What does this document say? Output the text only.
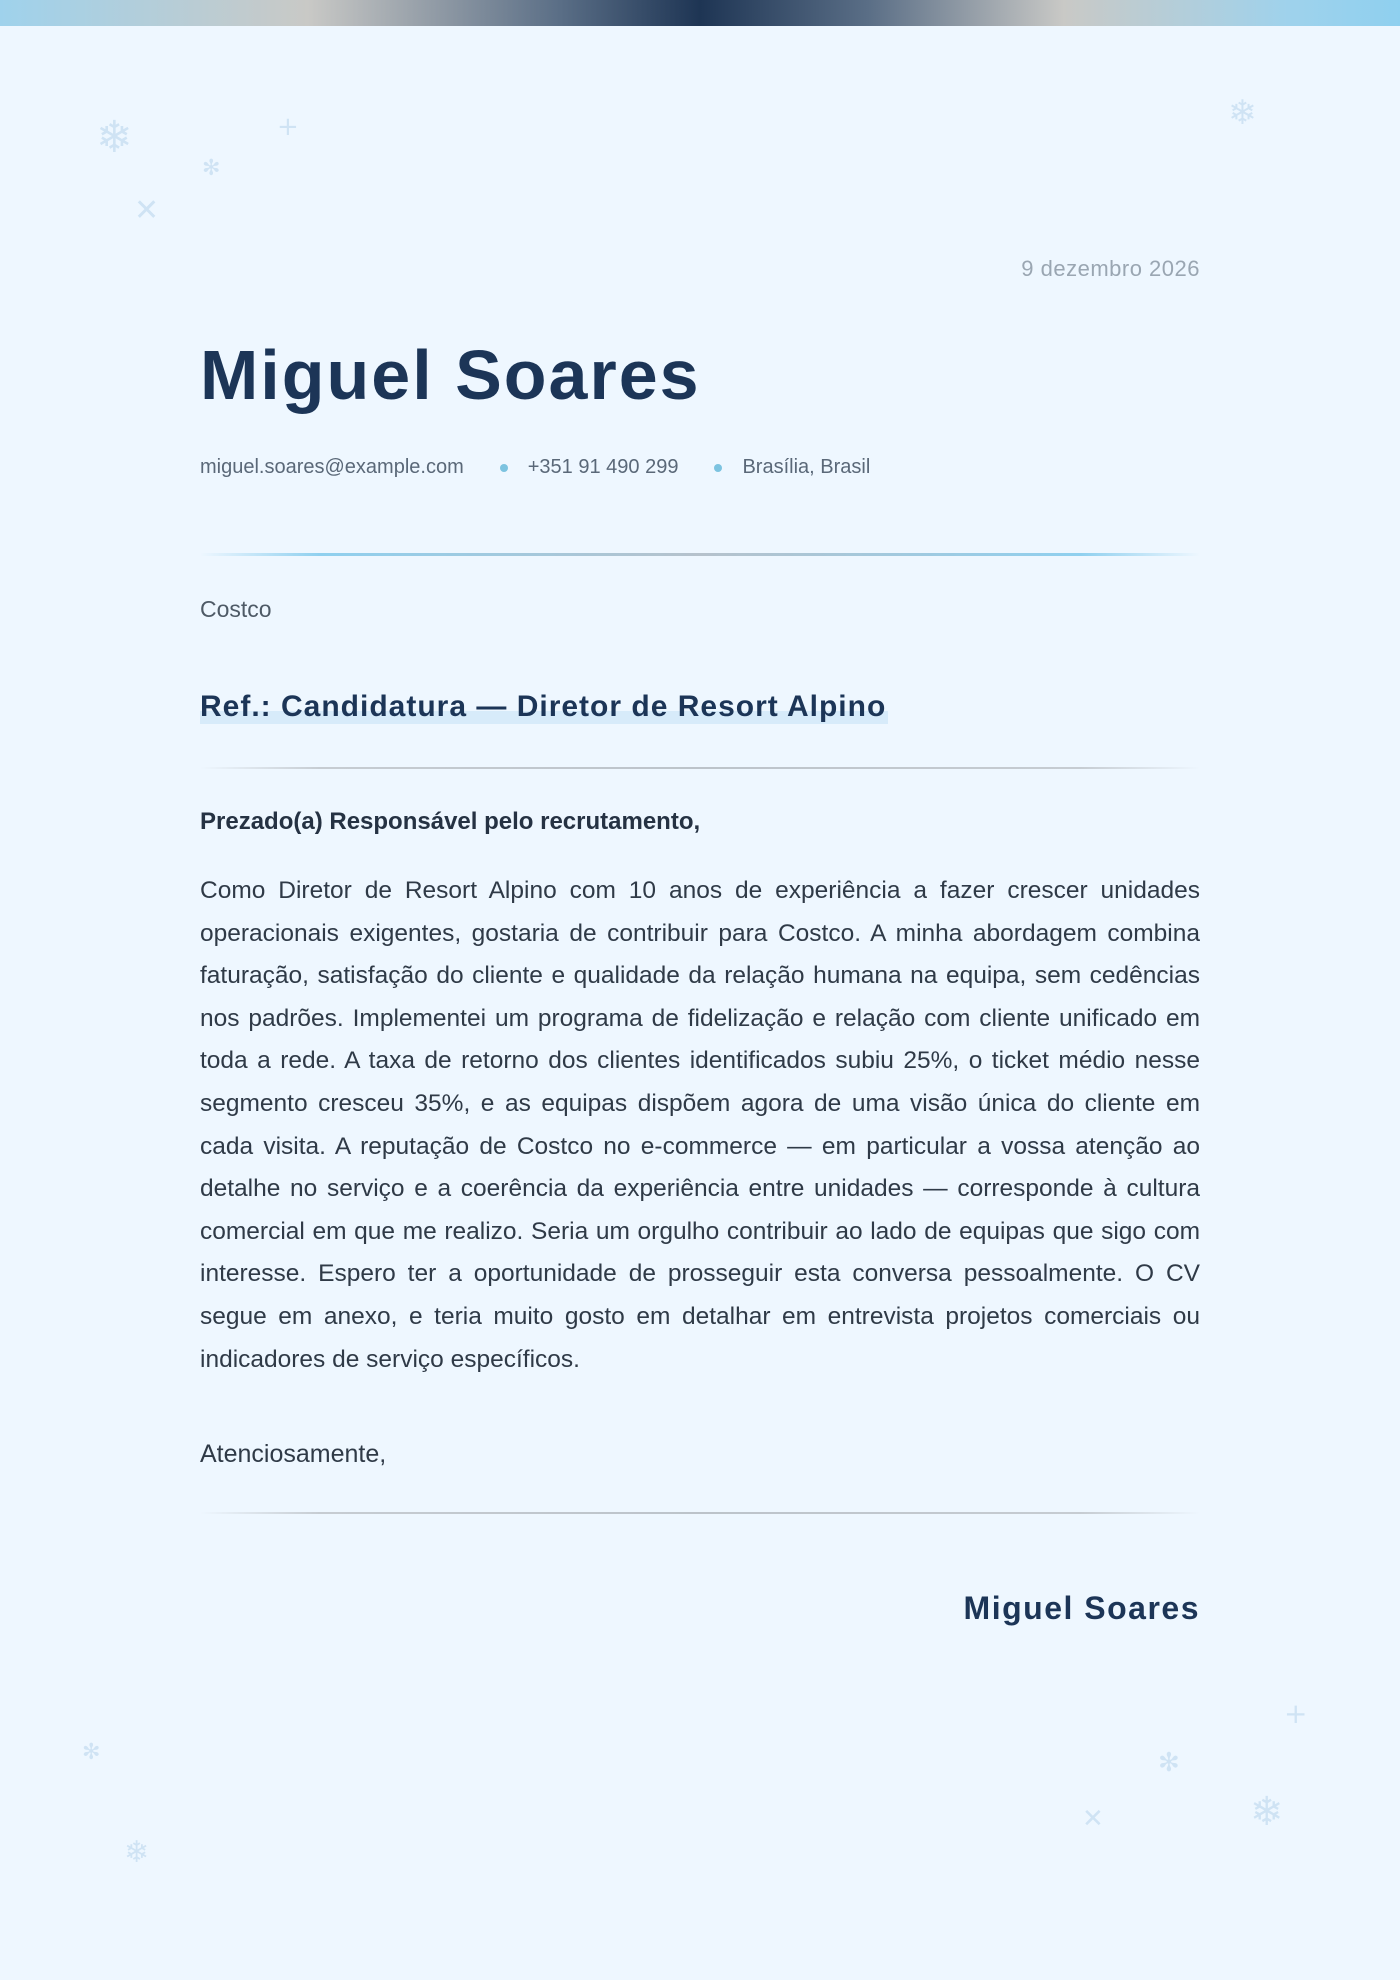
❄	+
✻
✕
❄
+
✻
❄
✕
✻
❄
9 dezembro 2026
Miguel Soares
miguel.soares@example.com	+351 91 490 299	Brasília, Brasil
Costco
Ref.: Candidatura — Diretor de Resort Alpino
Prezado(a) Responsável pelo recrutamento,

Como Diretor de Resort Alpino com 10 anos de experiência a fazer crescer unidades operacionais exigentes, gostaria de contribuir para Costco. A minha abordagem combina faturação, satisfação do cliente e qualidade da relação humana na equipa, sem cedências nos padrões. Implementei um programa de fidelização e relação com cliente unificado em toda a rede. A taxa de retorno dos clientes identificados subiu 25%, o ticket médio nesse segmento cresceu 35%, e as equipas dispõem agora de uma visão única do cliente em cada visita. A reputação de Costco no e-commerce — em particular a vossa atenção ao detalhe no serviço e a coerência da experiência entre unidades — corresponde à cultura comercial em que me realizo. Seria um orgulho contribuir ao lado de equipas que sigo com interesse. Espero ter a oportunidade de prosseguir esta conversa pessoalmente. O CV segue em anexo, e teria muito gosto em detalhar em entrevista projetos comerciais ou indicadores de serviço específicos.

Atenciosamente,
Miguel Soares
